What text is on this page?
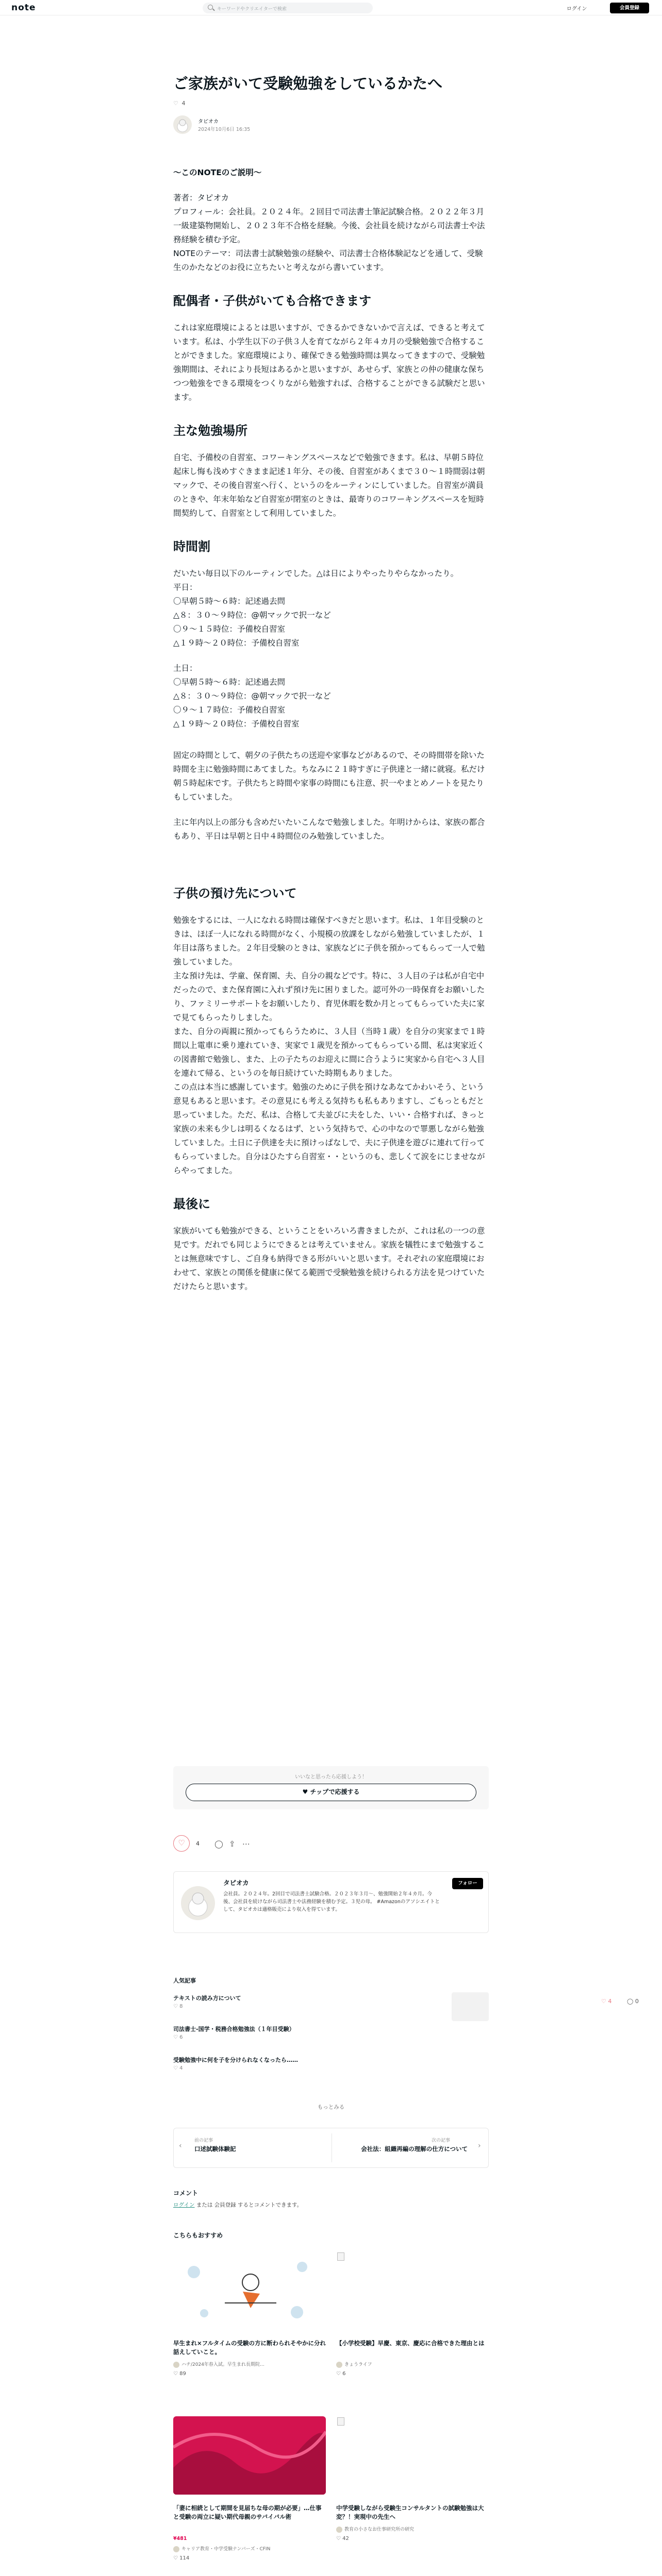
note	キーワードやクリエイターで検索	ログイン	会員登録
ご家族がいて受験勉強をしているかたへ
♡ 4
タピオカ
2024年10月6日 16:35
〜このNOTEのご説明〜

著者：タピオカ

プロフィール：会社員。２０２４年。２回目で司法書士筆記試験合格。２０２２年３月一級建築物開始し、２０２３年不合格を経験。今後、会社員を続けながら司法書士や法務経験を積む予定。

NOTEのテーマ：司法書士試験勉強の経験や、司法書士合格体験記などを通して、受験生のかたなどのお役に立ちたいと考えながら書いています。

配偶者・子供がいても合格できます

これは家庭環境によるとは思いますが、できるかできないかで言えば、できると考えています。私は、小学生以下の子供３人を育てながら２年４カ月の受験勉強で合格することができました。家庭環境により、確保できる勉強時間は異なってきますので、受験勉強期間は、それにより長短はあるかと思いますが、あせらず、家族との仲の健康な保ちつつ勉強をできる環境をつくりながら勉強すれば、合格することができる試験だと思います。

主な勉強場所

自宅、予備校の自習室、コワーキングスペースなどで勉強できます。私は、早朝５時位起床し悔も浅めすぐきまま記述１年分、その後、自習室があくまで３０〜１時間弱は朝マックで、その後自習室へ行く、というのをルーティンにしていました。自習室が満員のときや、年末年始など自習室が閉室のときは、最寄りのコワーキングスペースを短時間契約して、自習室として利用していました。

時間割

だいたい毎日以下のルーティンでした。△は日によりやったりやらなかったり。

平日：

〇早朝５時〜６時：記述過去問

△８：３０〜９時位：@朝マックで択一など

〇９〜１５時位：予備校自習室

△１９時〜２０時位：予備校自習室

土日：

〇早朝５時〜６時：記述過去問

△８：３０〜９時位：@朝マックで択一など

〇９〜１７時位：予備校自習室

△１９時〜２０時位：予備校自習室

固定の時間として、朝夕の子供たちの送迎や家事などがあるので、その時間帯を除いた時間を主に勉強時間にあてました。ちなみに２１時すぎに子供達と一緒に就寝。私だけ朝５時起床です。子供たちと時間や家事の時間にも注意、択一やまとめノートを見たりもしていました。

主に年内以上の部分も含めだいたいこんなで勉強しました。年明けからは、家族の都合もあり、平日は早朝と日中４時間位のみ勉強していました。

子供の預け先について

勉強をするには、一人になれる時間は確保すべきだと思います。私は、１年目受験のときは、ほぼ一人になれる時間がなく、小規模の放課をしながら勉強していましたが、１年目は落ちました。２年目受験のときは、家族などに子供を預かってもらって一人で勉強していました。

主な預け先は、学童、保育園、夫、自分の親などです。特に、３人目の子は私が自宅中だったので、また保育園に入れず預け先に困りました。認可外の一時保育をお願いしたり、ファミリーサポートをお願いしたり、育児休暇を数か月とってもらっていた夫に家で見てもらったりしました。

また、自分の両親に預かってもらうために、３人目（当時１歳）を自分の実家まで１時間以上電車に乗り連れていき、実家で１歳児を預かってもらっている間、私は実家近くの図書館で勉強し、また、上の子たちのお迎えに間に合うように実家から自宅へ３人目を連れて帰る、というのを毎日続けていた時期もありました。

この点は本当に感謝しています。勉強のために子供を預けなあなてかわいそう、という意見もあると思います。その意見にも考える気持ちも私もありますし、ごもっともだと思っていました。ただ、私は、合格して夫並びに夫をした、いい・合格すれば、きっと家族の未来も少しは明るくなるはず、という気持ちで、心の中なので罪悪しながら勉強していました。土日に子供達を夫に預けっぱなしで、夫に子供達を遊びに連れて行ってもらっていました。自分はひたすら自習室・・というのも、悲しくて涙をにじませながらやってました。

最後に

家族がいても勉強ができる、ということをいろいろ書きましたが、これは私の一つの意見です。だれでも同じようにできるとは考えていません。家族を犠牲にまで勉強することは無意味ですし、ご自身も納得できる形がいいと思います。それぞれの家庭環境におわせて、家族との関係を健康に保てる範囲で受験勉強を続けられる方法を見つけていただけたらと思います。

いいなと思ったら応援しよう！
♥ チップで応援する
♡	4 ◯ ⇪ ⋯
タピオカ
会社員。２０２４年。2回目で司法書士試験合格。２０２３年３月〜、勉強開始２年４カ月。今後、会社員を続けながら司法書士や法務経験を積む予定。３児の母。 #Amazonのアソシエイトとして、タピオカは適格販売により収入を得ています。
フォロー
人気記事
テキストの読み方について
♡ 8
司法書士-国学・税務合格勉強法（１年目受験）
♡ 6
受験勉強中に何を子を分けられなくなったら……
♡ 4
もっとみる
♡ 4	◯ 0
‹
前の記事
口述試験体験記
次の記事
会社法：組織再編の理解の仕方について ›
コメント
ログイン または 会員登録 するとコメントできます。
こちらもおすすめ
早生まれ×フルタイムの受験の方に断わられそやかに分れ話えしていこと。
ハチ/2024年春入試。早生まれ長期院…
♡ 89
【小学校受験】早慶、東京、慶応に合格できた理由とは
きょうライフ
♡ 6
「妻に相続として期間を見届ちな母の期が必要」…仕事と受験の両立に疑い期代母親のサバイバル術
¥481
キャリア教育・中学受験ナンバーズ・CFIN
♡ 114
中学受験しながら受験生コンサルタントの試験勉強は大変？！実現中の先生へ
教育の小さなお仕事研究所の研究
♡ 42
